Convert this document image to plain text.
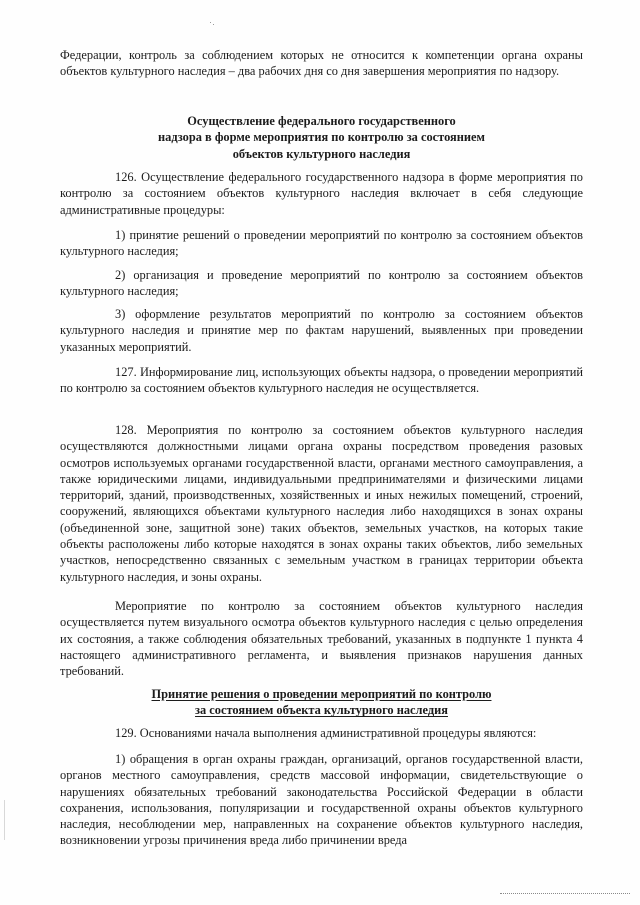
Федерации, контроль за соблюдением которых не относится к компетенции органа охраны объектов культурного наследия – два рабочих дня со дня завершения мероприятия по надзору.

Осуществление федерального государственного
надзора в форме мероприятия по контролю за состоянием
объектов культурного наследия

126. Осуществление федерального государственного надзора в форме мероприятия по контролю за состоянием объектов культурного наследия включает в себя следующие административные процедуры:

1) принятие решений о проведении мероприятий по контролю за состоянием объектов культурного наследия;

2) организация и проведение мероприятий по контролю за состоянием объектов культурного наследия;

3) оформление результатов мероприятий по контролю за состоянием объектов культурного наследия и принятие мер по фактам нарушений, выявленных при проведении указанных мероприятий.

127. Информирование лиц, использующих объекты надзора, о проведении мероприятий по контролю за состоянием объектов культурного наследия не осуществляется.

128. Мероприятия по контролю за состоянием объектов культурного наследия осуществляются должностными лицами органа охраны посредством проведения разовых осмотров используемых органами государственной власти, органами местного самоуправления, а также юридическими лицами, индивидуальными предпринимателями и физическими лицами территорий, зданий, производственных, хозяйственных и иных нежилых помещений, строений, сооружений, являющихся объектами культурного наследия либо находящихся в зонах охраны (объединенной зоне, защитной зоне) таких объектов, земельных участков, на которых такие объекты расположены либо которые находятся в зонах охраны таких объектов, либо земельных участков, непосредственно связанных с земельным участком в границах территории объекта культурного наследия, и зоны охраны.

Мероприятие по контролю за состоянием объектов культурного наследия осуществляется путем визуального осмотра объектов культурного наследия с целью определения их состояния, а также соблюдения обязательных требований, указанных в подпункте 1 пункта 4 настоящего административного регламента, и выявления признаков нарушения данных требований.

Принятие решения о проведении мероприятий по контролю
за состоянием объекта культурного наследия

129. Основаниями начала выполнения административной процедуры являются:

1) обращения в орган охраны граждан, организаций, органов государственной власти, органов местного самоуправления, средств массовой информации, свидетельствующие о нарушениях обязательных требований законодательства Российской Федерации в области сохранения, использования, популяризации и государственной охраны объектов культурного наследия, несоблюдении мер, направленных на сохранение объектов культурного наследия, возникновении угрозы причинения вреда либо причинении вреда
